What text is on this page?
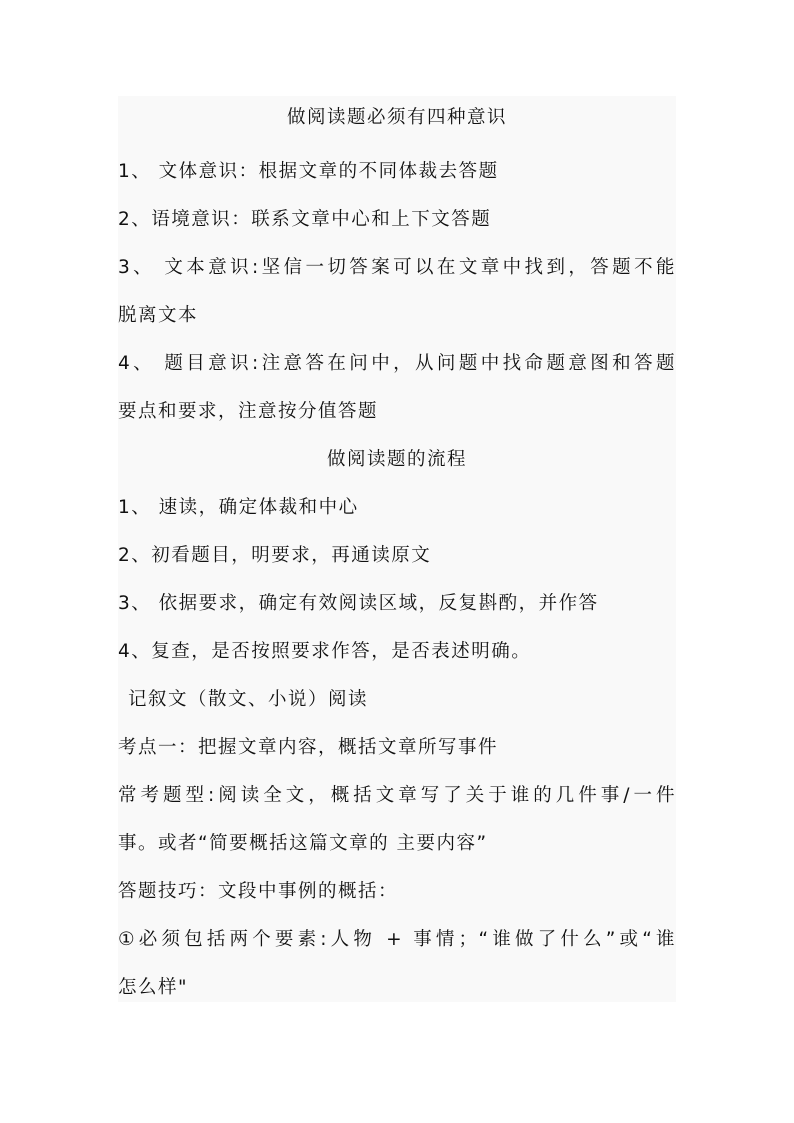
做阅读题必须有四种意识
1、 文体意识：根据文章的不同体裁去答题
2、语境意识：联系文章中心和上下文答题
3、 文本意识:坚信一切答案可以在文章中找到，答题不能
脱离文本
4、 题目意识:注意答在问中，从问题中找命题意图和答题
要点和要求，注意按分值答题
做阅读题的流程
1、 速读，确定体裁和中心
2、初看题目，明要求，再通读原文
3、 依据要求，确定有效阅读区域，反复斟酌，并作答
4、复查，是否按照要求作答，是否表述明确。
记叙文（散文、小说）阅读
考点一：把握文章内容，概括文章所写事件
常考题型:阅读全文，概括文章写了关于谁的几件事/一件
事。或者“简要概括这篇文章的 主要内容”
答题技巧：文段中事例的概括：
①必须包括两个要素:人物 + 事情；“谁做了什么”或“谁
怎么样"
